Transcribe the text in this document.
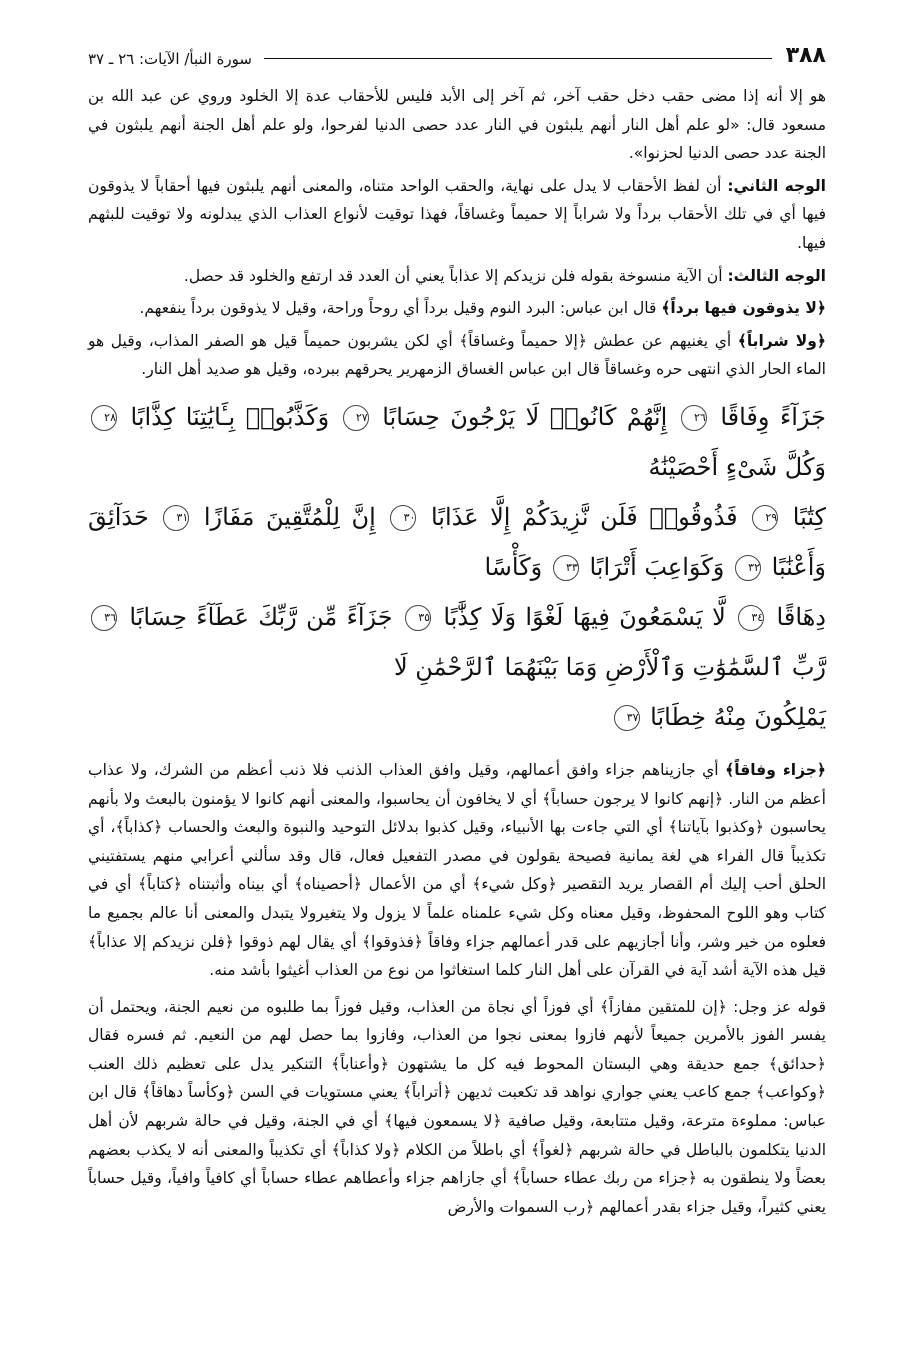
٣٨٨
سورة النبأ/ الآيات: ٢٦ ـ ٣٧

هو إلا أنه إذا مضى حقب دخل حقب آخر، ثم آخر إلى الأبد فليس للأحقاب عدة إلا الخلود وروي عن عبد الله بن مسعود قال: «لو علم أهل النار أنهم يلبثون في النار عدد حصى الدنيا لفرحوا، ولو علم أهل الجنة أنهم يلبثون في الجنة عدد حصى الدنيا لحزنوا».

الوجه الثاني: أن لفظ الأحقاب لا يدل على نهاية، والحقب الواحد متناه، والمعنى أنهم يلبثون فيها أحقاباً لا يذوقون فيها أي في تلك الأحقاب برداً ولا شراباً إلا حميماً وغساقاً، فهذا توقيت لأنواع العذاب الذي يبدلونه ولا توقيت للبثهم فيها.

الوجه الثالث: أن الآية منسوخة بقوله فلن نزيدكم إلا عذاباً يعني أن العدد قد ارتفع والخلود قد حصل.

﴿لا يذوقون فيها برداً﴾ قال ابن عباس: البرد النوم وقيل برداً أي روحاً وراحة، وقيل لا يذوقون برداً ينفعهم.

﴿ولا شراباً﴾ أي يغنيهم عن عطش ﴿إلا حميماً وغساقاً﴾ أي لكن يشربون حميماً قيل هو الصفر المذاب، وقيل هو الماء الحار الذي انتهى حره وغساقاً قال ابن عباس الغساق الزمهرير يحرقهم ببرده، وقيل هو صديد أهل النار.

جَزَآءً وِفَاقًا ٢٦ إِنَّهُمْ كَانُوا۟ لَا يَرْجُونَ حِسَابًا ٢٧ وَكَذَّبُوا۟ بِـَٔايَٰتِنَا كِذَّابًا ٢٨ وَكُلَّ شَىْءٍ أَحْصَيْنَٰهُ

كِتَٰبًا ٢٩ فَذُوقُوا۟ فَلَن نَّزِيدَكُمْ إِلَّا عَذَابًا ٣٠ إِنَّ لِلْمُتَّقِينَ مَفَازًا ٣١ حَدَآئِقَ وَأَعْنَٰبًا ٣٢ وَكَوَاعِبَ أَتْرَابًا ٣٣ وَكَأْسًا

دِهَاقًا ٣٤ لَّا يَسْمَعُونَ فِيهَا لَغْوًا وَلَا كِذَّٰبًا ٣٥ جَزَآءً مِّن رَّبِّكَ عَطَآءً حِسَابًا ٣٦ رَّبِّ ٱلسَّمَٰوَٰتِ وَٱلْأَرْضِ وَمَا بَيْنَهُمَا ٱلرَّحْمَٰنِ لَا

يَمْلِكُونَ مِنْهُ خِطَابًا ٣٧

﴿جزاء وفاقاً﴾ أي جازيناهم جزاء وافق أعمالهم، وقيل وافق العذاب الذنب فلا ذنب أعظم من الشرك، ولا عذاب أعظم من النار. ﴿إنهم كانوا لا يرجون حساباً﴾ أي لا يخافون أن يحاسبوا، والمعنى أنهم كانوا لا يؤمنون بالبعث ولا بأنهم يحاسبون ﴿وكذبوا بآياتنا﴾ أي التي جاءت بها الأنبياء، وقيل كذبوا بدلائل التوحيد والنبوة والبعث والحساب ﴿كذاباً﴾، أي تكذيباً قال الفراء هي لغة يمانية فصيحة يقولون في مصدر التفعيل فعال، قال وقد سألني أعرابي منهم يستفتيني الحلق أحب إليك أم القصار يريد التقصير ﴿وكل شيء﴾ أي من الأعمال ﴿أحصيناه﴾ أي بيناه وأثبتناه ﴿كتاباً﴾ أي في كتاب وهو اللوح المحفوظ، وقيل معناه وكل شيء علمناه علماً لا يزول ولا يتغيرولا يتبدل والمعنى أنا عالم بجميع ما فعلوه من خير وشر، وأنا أجازيهم على قدر أعمالهم جزاء وفاقاً ﴿فذوقوا﴾ أي يقال لهم ذوقوا ﴿فلن نزيدكم إلا عذاباً﴾ قيل هذه الآية أشد آية في القرآن على أهل النار كلما استغاثوا من نوع من العذاب أغيثوا بأشد منه.

قوله عز وجل: ﴿إن للمتقين مفازاً﴾ أي فوزاً أي نجاة من العذاب، وقيل فوزاً بما طلبوه من نعيم الجنة، ويحتمل أن يفسر الفوز بالأمرين جميعاً لأنهم فازوا بمعنى نجوا من العذاب، وفازوا بما حصل لهم من النعيم. ثم فسره فقال ﴿حدائق﴾ جمع حديقة وهي البستان المحوط فيه كل ما يشتهون ﴿وأعناباً﴾ التنكير يدل على تعظيم ذلك العنب ﴿وكواعب﴾ جمع كاعب يعني جواري نواهد قد تكعبت ثديهن ﴿أتراباً﴾ يعني مستويات في السن ﴿وكأساً دهاقاً﴾ قال ابن عباس: مملوءة مترعة، وقيل متتابعة، وقيل صافية ﴿لا يسمعون فيها﴾ أي في الجنة، وقيل في حالة شربهم لأن أهل الدنيا يتكلمون بالباطل في حالة شربهم ﴿لغواً﴾ أي باطلاً من الكلام ﴿ولا كذاباً﴾ أي تكذيباً والمعنى أنه لا يكذب بعضهم بعضاً ولا ينطقون به ﴿جزاء من ربك عطاء حساباً﴾ أي جازاهم جزاء وأعطاهم عطاء حساباً أي كافياً وافياً، وقيل حساباً يعني كثيراً، وقيل جزاء بقدر أعمالهم ﴿رب السموات والأرض
